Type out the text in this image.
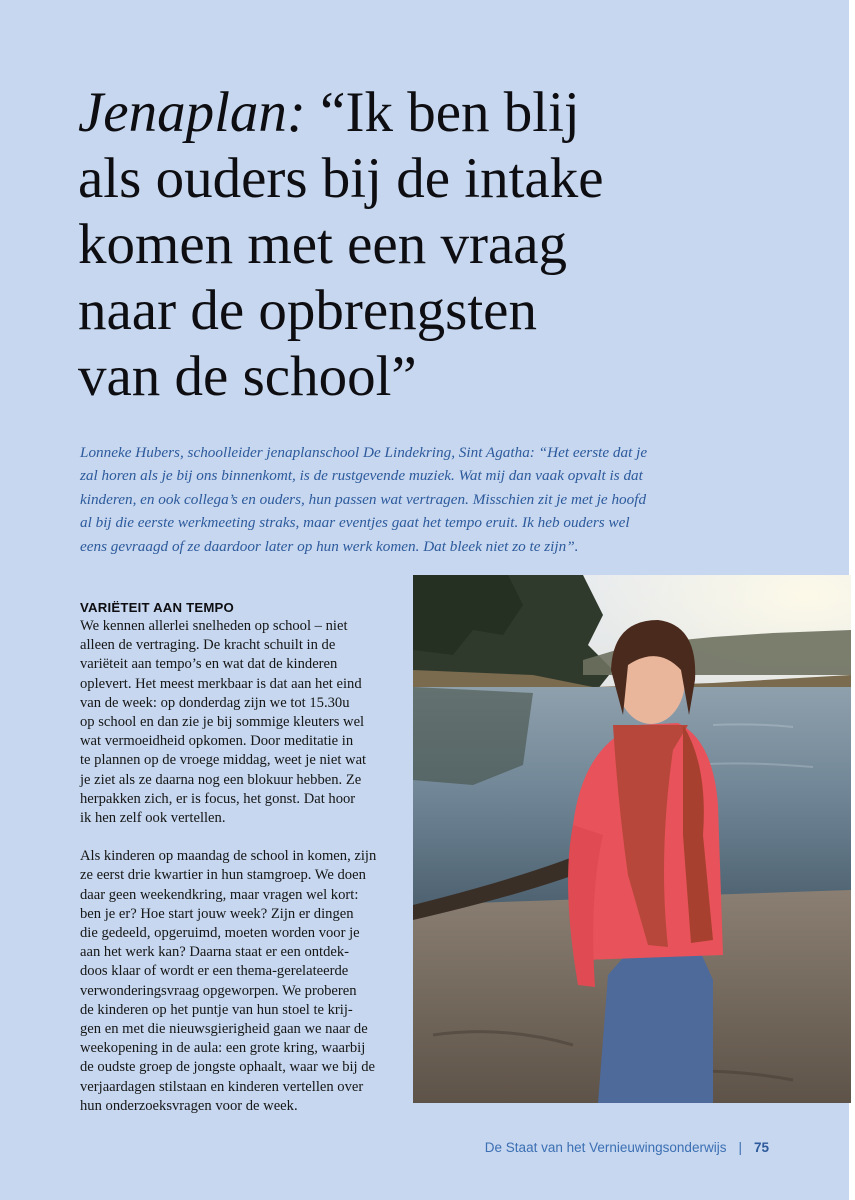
Jenaplan: “Ik ben blij
als ouders bij de intake
komen met een vraag
naar de opbrengsten
van de school”

Lonneke Hubers, schoolleider jenaplanschool De Lindekring, Sint Agatha: “Het eerste dat je
zal horen als je bij ons binnenkomt, is de rustgevende muziek. Wat mij dan vaak opvalt is dat
kinderen, en ook collega’s en ouders, hun passen wat vertragen. Misschien zit je met je hoofd
al bij die eerste werkmeeting straks, maar eventjes gaat het tempo eruit. Ik heb ouders wel
eens gevraagd of ze daardoor later op hun werk komen. Dat bleek niet zo te zijn”.

VARIËTEIT AAN TEMPO

We kennen allerlei snelheden op school – niet
alleen de vertraging. De kracht schuilt in de
variëteit aan tempo’s en wat dat de kinderen
oplevert. Het meest merkbaar is dat aan het eind
van de week: op donderdag zijn we tot 15.30u
op school en dan zie je bij sommige kleuters wel
wat vermoeidheid opkomen. Door meditatie in
te plannen op de vroege middag, weet je niet wat
je ziet als ze daarna nog een blokuur hebben. Ze
herpakken zich, er is focus, het gonst. Dat hoor
ik hen zelf ook vertellen.

Als kinderen op maandag de school in komen, zijn
ze eerst drie kwartier in hun stamgroep. We doen
daar geen weekendkring, maar vragen wel kort:
ben je er? Hoe start jouw week? Zijn er dingen
die gedeeld, opgeruimd, moeten worden voor je
aan het werk kan? Daarna staat er een ontdek-
doos klaar of wordt er een thema-gerelateerde
verwonderingsvraag opgeworpen. We proberen
de kinderen op het puntje van hun stoel te krij-
gen en met die nieuwsgierigheid gaan we naar de
weekopening in de aula: een grote kring, waarbij
de oudste groep de jongste ophaalt, waar we bij de
verjaardagen stilstaan en kinderen vertellen over
hun onderzoeksvragen voor de week.

De Staat van het Vernieuwingsonderwijs | 75
